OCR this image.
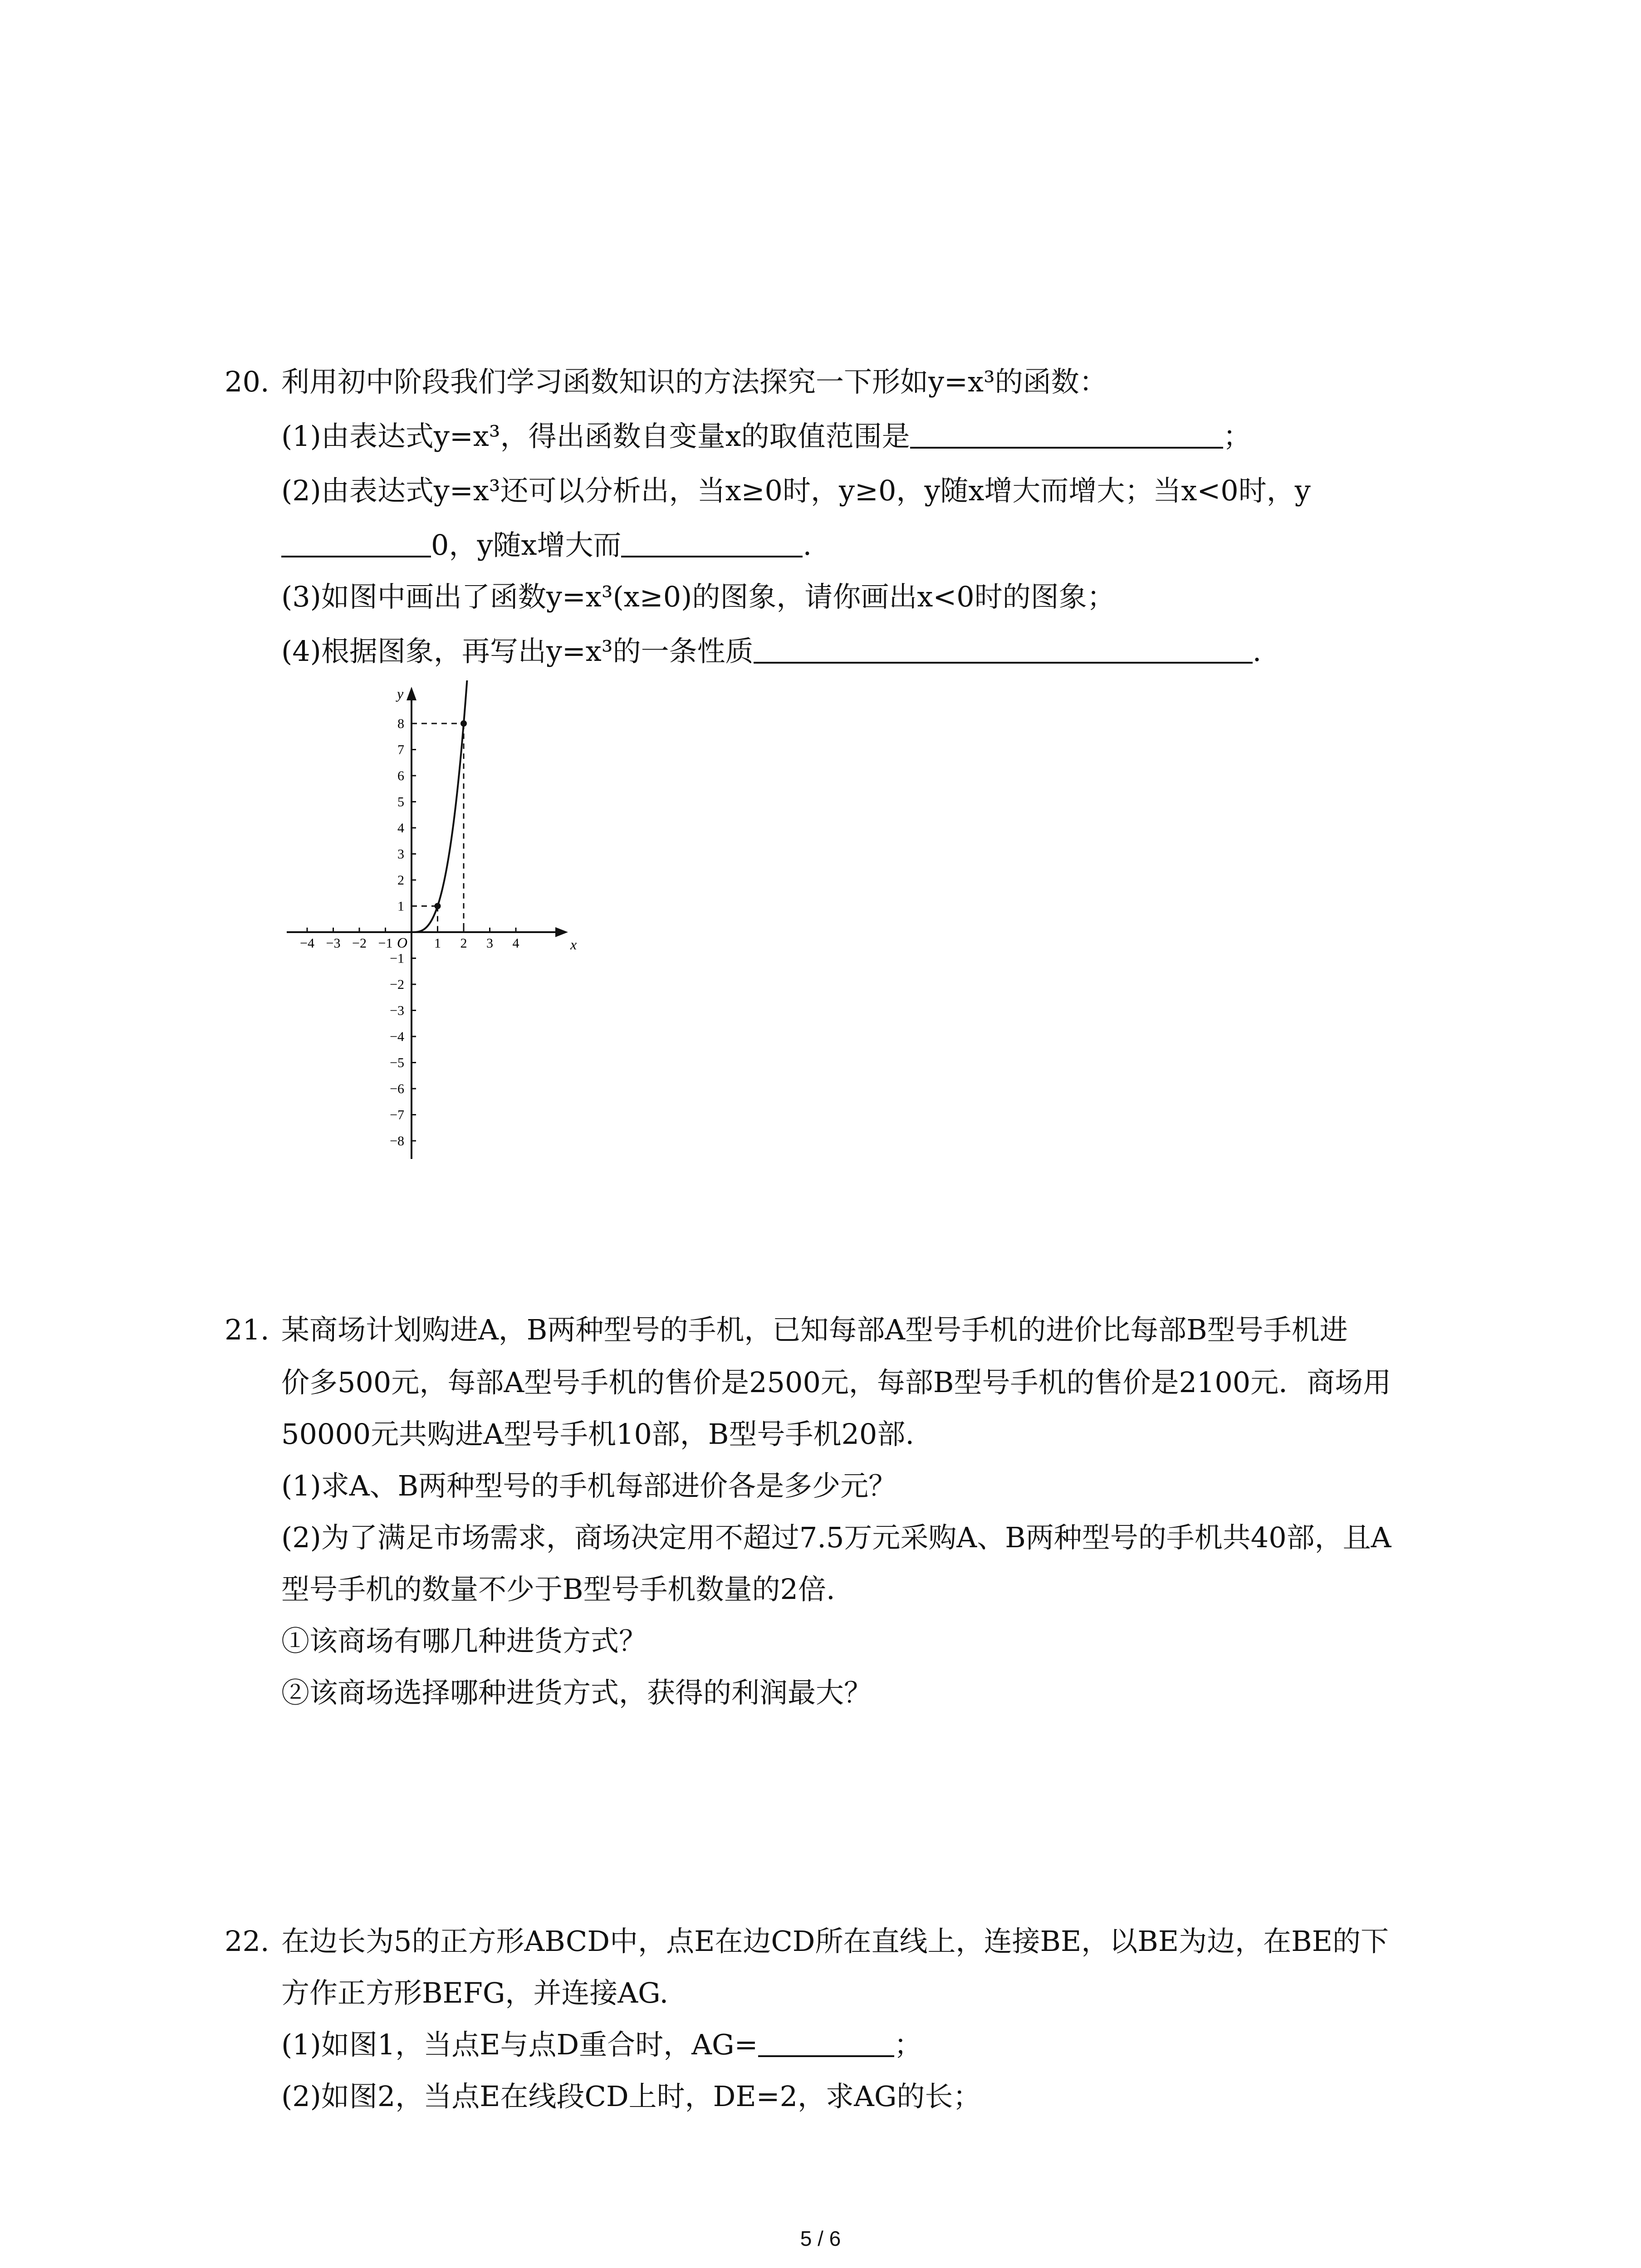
20. 利用初中阶段我们学习函数知识的方法探究一下形如y=x³的函数：
(1)由表达式y=x³，得出函数自变量x的取值范围是	；
(2)由表达式y=x³还可以分析出，当x≥0时，y≥0，y随x增大而增大；当x<0时，y
0，y随x增大而	.
(3)如图中画出了函数y=x³(x≥0)的图象，请你画出x<0时的图象；
(4)根据图象，再写出y=x³的一条性质	.
x
y
O
−4 −3 −2 −1	1 2 3 4
1
2
3
4
5
6
7
8
−1
−2
−3
−4
−5
−6
−7
−8
21. 某商场计划购进A，B两种型号的手机，已知每部A型号手机的进价比每部B型号手机进
价多500元，每部A型号手机的售价是2500元，每部B型号手机的售价是2100元．商场用
50000元共购进A型号手机10部，B型号手机20部.
(1)求A、B两种型号的手机每部进价各是多少元？
(2)为了满足市场需求，商场决定用不超过7.5万元采购A、B两种型号的手机共40部，且A
型号手机的数量不少于B型号手机数量的2倍.
①该商场有哪几种进货方式？
②该商场选择哪种进货方式，获得的利润最大？
22. 在边长为5的正方形ABCD中，点E在边CD所在直线上，连接BE，以BE为边，在BE的下
方作正方形BEFG，并连接AG.
(1)如图1，当点E与点D重合时，AG=	；
(2)如图2，当点E在线段CD上时，DE=2，求AG的长；
5 / 6
